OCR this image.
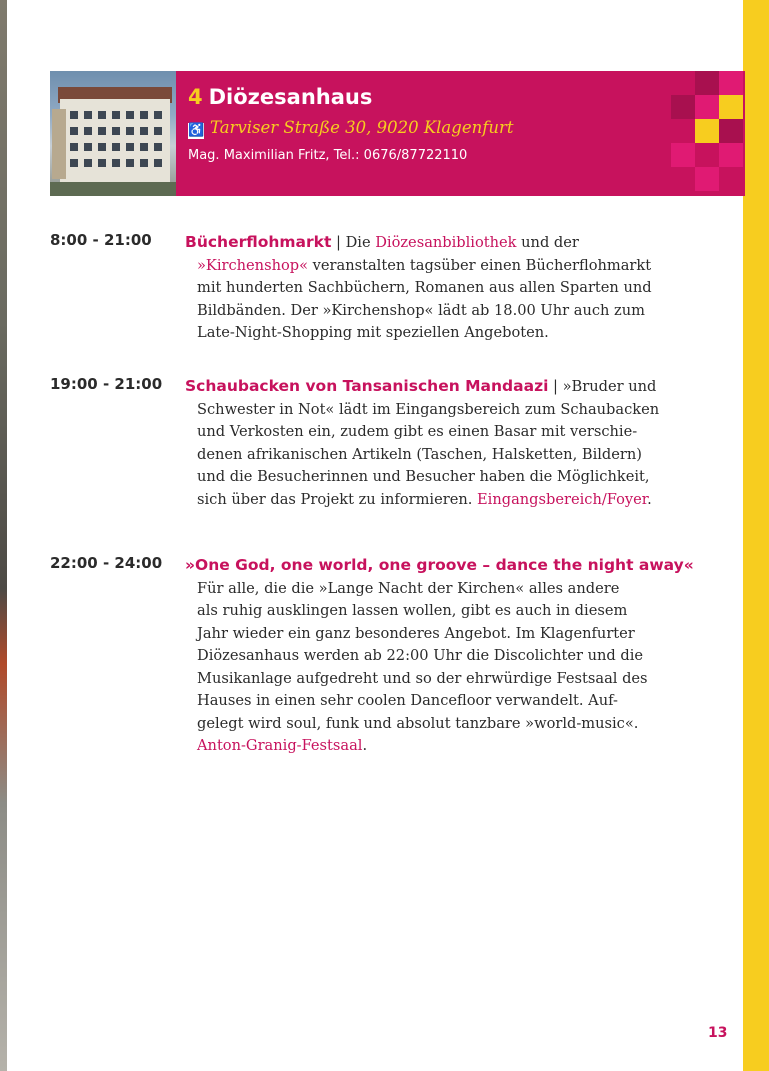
4 Diözesanhaus
♿ Tarviser Straße 30, 9020 Klagenfurt
Mag. Maximilian Fritz, Tel.: 0676/87722110
8:00 - 21:00 Bücherflohmarkt | Die Diözesanbibliothek und der
»Kirchenshop« veranstalten tagsüber einen Bücherflohmarkt
mit hunderten Sachbüchern, Romanen aus allen Sparten und
Bildbänden. Der »Kirchenshop« lädt ab 18.00 Uhr auch zum
Late-Night-Shopping mit speziellen Angeboten.
19:00 - 21:00 Schaubacken von Tansanischen Mandaazi | »Bruder und
Schwester in Not« lädt im Eingangsbereich zum Schaubacken
und Verkosten ein, zudem gibt es einen Basar mit verschie-
denen afrikanischen Artikeln (Taschen, Halsketten, Bildern)
und die Besucherinnen und Besucher haben die Möglichkeit,
sich über das Projekt zu informieren. Eingangsbereich/Foyer.
22:00 - 24:00 »One God, one world, one groove – dance the night away«
Für alle, die die »Lange Nacht der Kirchen« alles andere
als ruhig ausklingen lassen wollen, gibt es auch in diesem
Jahr wieder ein ganz besonderes Angebot. Im Klagenfurter
Diözesanhaus werden ab 22:00 Uhr die Discolichter und die
Musikanlage aufgedreht und so der ehrwürdige Festsaal des
Hauses in einen sehr coolen Dancefloor verwandelt. Auf-
gelegt wird soul, funk und absolut tanzbare »world-music«.
Anton-Granig-Festsaal.
13
